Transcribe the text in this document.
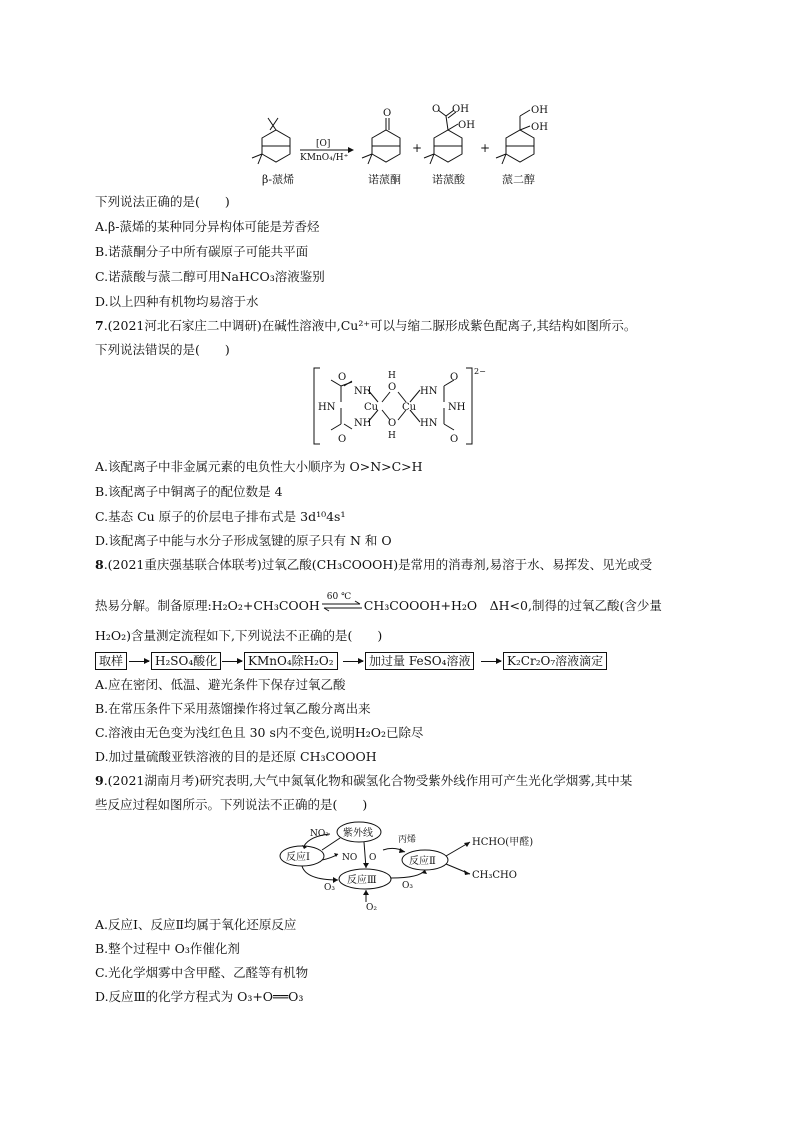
β-蒎烯
[O]
KMnO₄/H⁺
O
诺蒎酮
+
O OH
OH
诺蒎酸
+
OH
OH
蒎二醇
下列说法正确的是(　　)
A.β-蒎烯的某种同分异构体可能是芳香烃
B.诺蒎酮分子中所有碳原子可能共平面
C.诺蒎酸与蒎二醇可用NaHCO₃溶液鉴别
D.以上四种有机物均易溶于水
7.(2021河北石家庄二中调研)在碱性溶液中,Cu²⁺可以与缩二脲形成紫色配离子,其结构如图所示。
下列说法错误的是(　　)
2−
O
NH
HN
NH
O
H
O
Cu Cu
O
H
HN
NH
HN
O
O
A.该配离子中非金属元素的电负性大小顺序为 O>N>C>H
B.该配离子中铜离子的配位数是 4
C.基态 Cu 原子的价层电子排布式是 3d¹⁰4s¹
D.该配离子中能与水分子形成氢键的原子只有 N 和 O
8.(2021重庆强基联合体联考)过氧乙酸(CH₃COOOH)是常用的消毒剂,易溶于水、易挥发、见光或受
热易分解。制备原理:H₂O₂+CH₃COOH
60 ℃
CH₃COOOH+H₂O　ΔH<0,制得的过氧乙酸(含少量
H₂O₂)含量测定流程如下,下列说法不正确的是(　　)
取样	H₂SO₄酸化	KMnO₄除H₂O₂	加过量 FeSO₄溶液	K₂Cr₂O₇溶液滴定
A.应在密闭、低温、避光条件下保存过氧乙酸
B.在常压条件下采用蒸馏操作将过氧乙酸分离出来
C.溶液由无色变为浅红色且 30 s内不变色,说明H₂O₂已除尽
D.加过量硫酸亚铁溶液的目的是还原 CH₃COOOH
9.(2021湖南月考)研究表明,大气中氮氧化物和碳氢化合物受紫外线作用可产生光化学烟雾,其中某
些反应过程如图所示。下列说法不正确的是(　　)
紫外线
反应Ⅰ
反应Ⅲ
反应Ⅱ
NO₂
NO O
O₃	O₃
O₂
丙烯	HCHO(甲醛)
CH₃CHO
A.反应Ⅰ、反应Ⅱ均属于氧化还原反应
B.整个过程中 O₃作催化剂
C.光化学烟雾中含甲醛、乙醛等有机物
D.反应Ⅲ的化学方程式为 O₃+O══O₃
